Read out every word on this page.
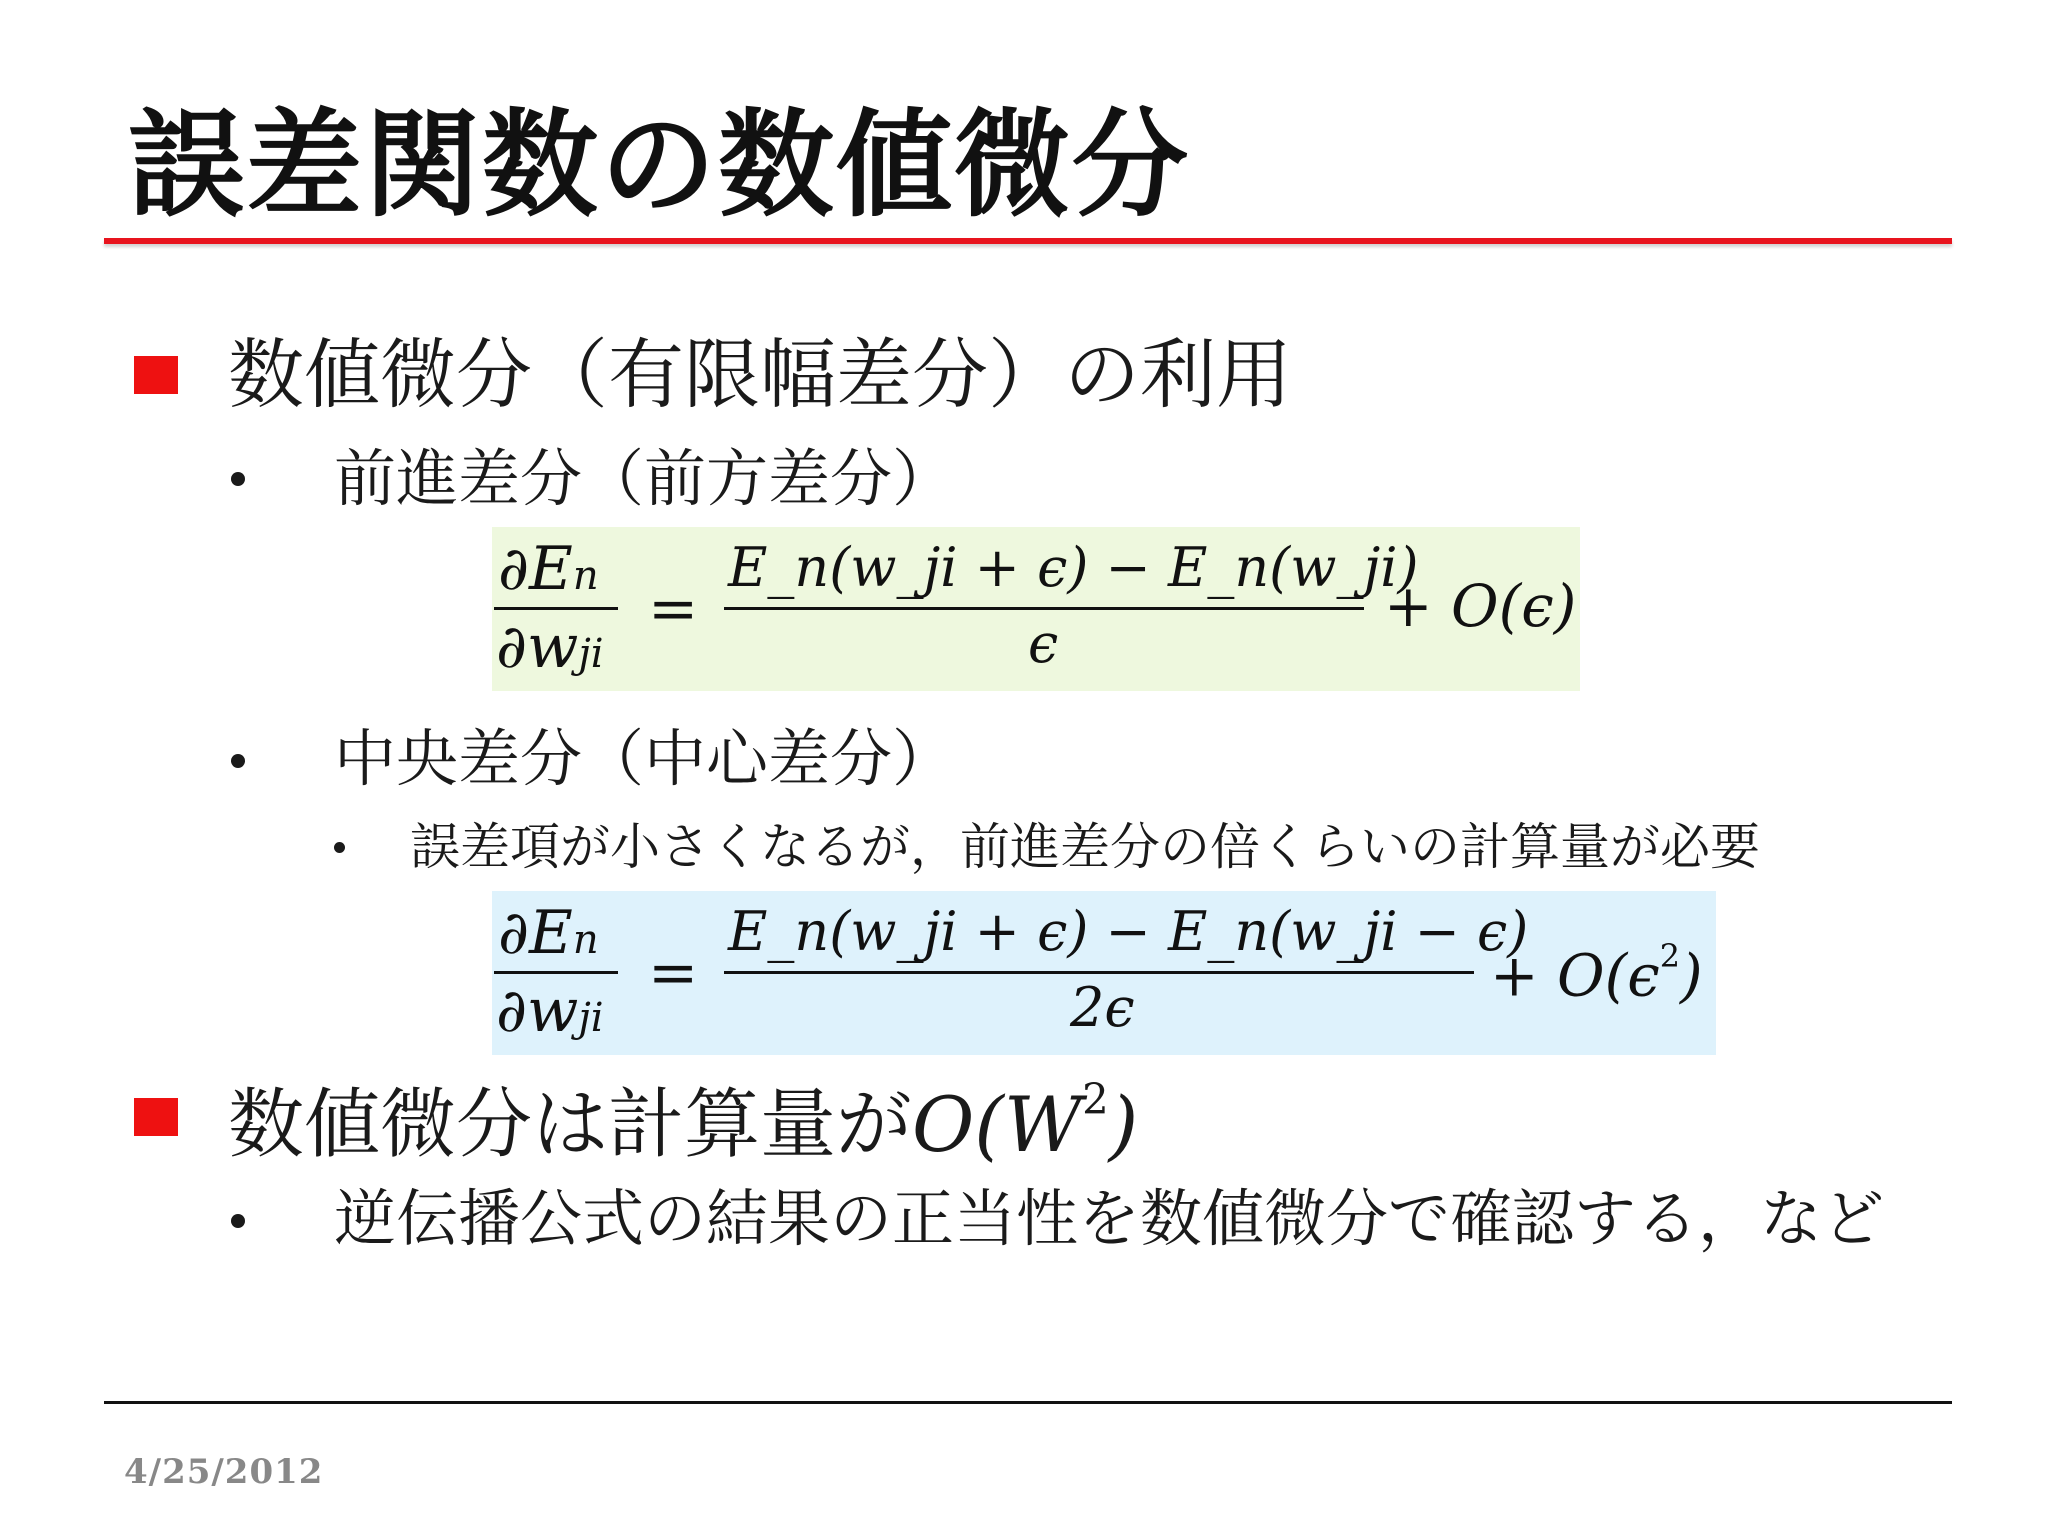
誤差関数の数値微分
数値微分（有限幅差分）の利用
前進差分（前方差分）
∂En
∂wji
=
E_n(w_ji + ϵ) − E_n(w_ji)
ϵ
+ O(ϵ)
中央差分（中心差分）
誤差項が小さくなるが，前進差分の倍くらいの計算量が必要
∂En
∂wji
=
E_n(w_ji + ϵ) − E_n(w_ji − ϵ)
2ϵ	+ $O(\epsilon^2)$
数値微分は計算量が$O(W^2)$
逆伝播公式の結果の正当性を数値微分で確認する，など
4/25/2012
